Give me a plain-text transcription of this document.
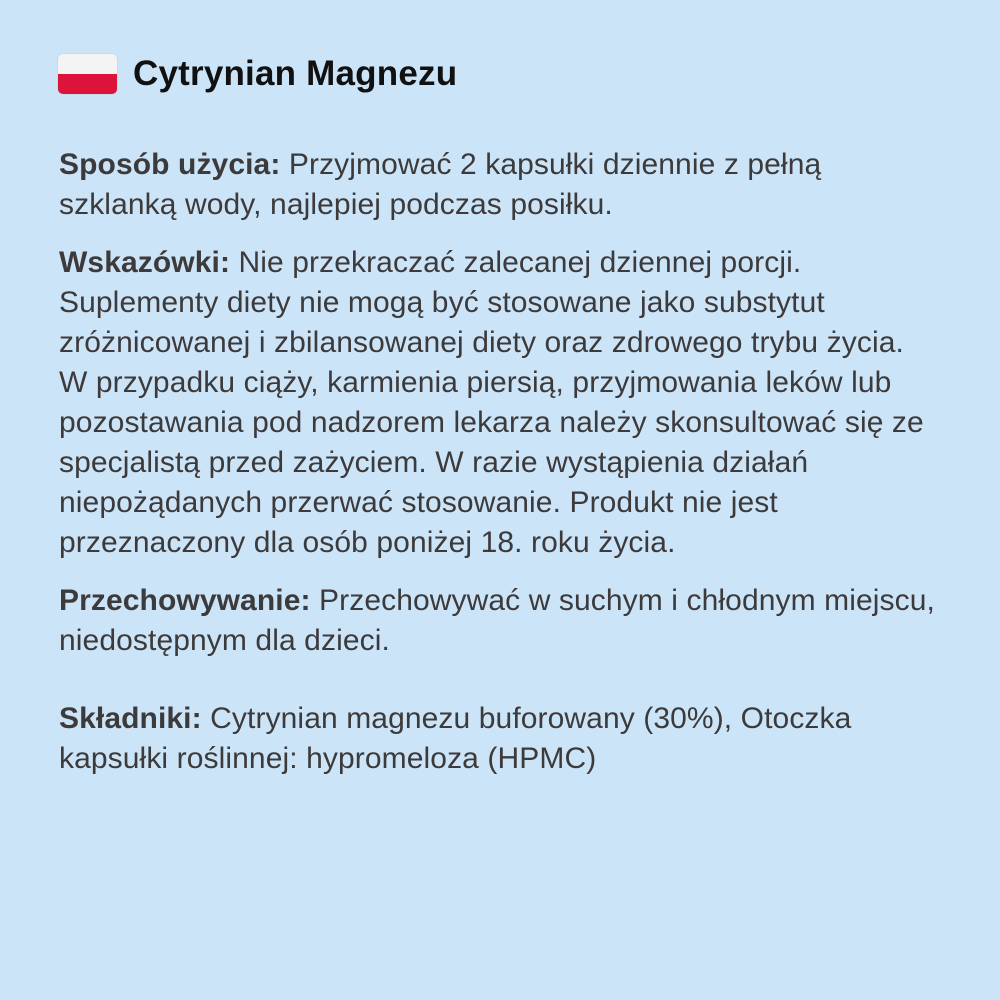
Cytrynian Magnezu

Sposób użycia: Przyjmować 2 kapsułki dziennie z pełną szklanką wody, najlepiej podczas posiłku.

Wskazówki: Nie przekraczać zalecanej dziennej porcji. Suplementy diety nie mogą być stosowane jako substytut zróżnicowanej i zbilansowanej diety oraz zdrowego trybu życia. W przypadku ciąży, karmienia piersią, przyjmowania leków lub pozostawania pod nadzorem lekarza należy skonsultować się ze specjalistą przed zażyciem. W razie wystąpienia działań niepożądanych przerwać stosowanie. Produkt nie jest przeznaczony dla osób poniżej 18. roku życia.

Przechowywanie: Przechowywać w suchym i chłodnym miejscu, niedostępnym dla dzieci.

Składniki: Cytrynian magnezu buforowany (30%), Otoczka kapsułki roślinnej: hypromeloza (HPMC)
